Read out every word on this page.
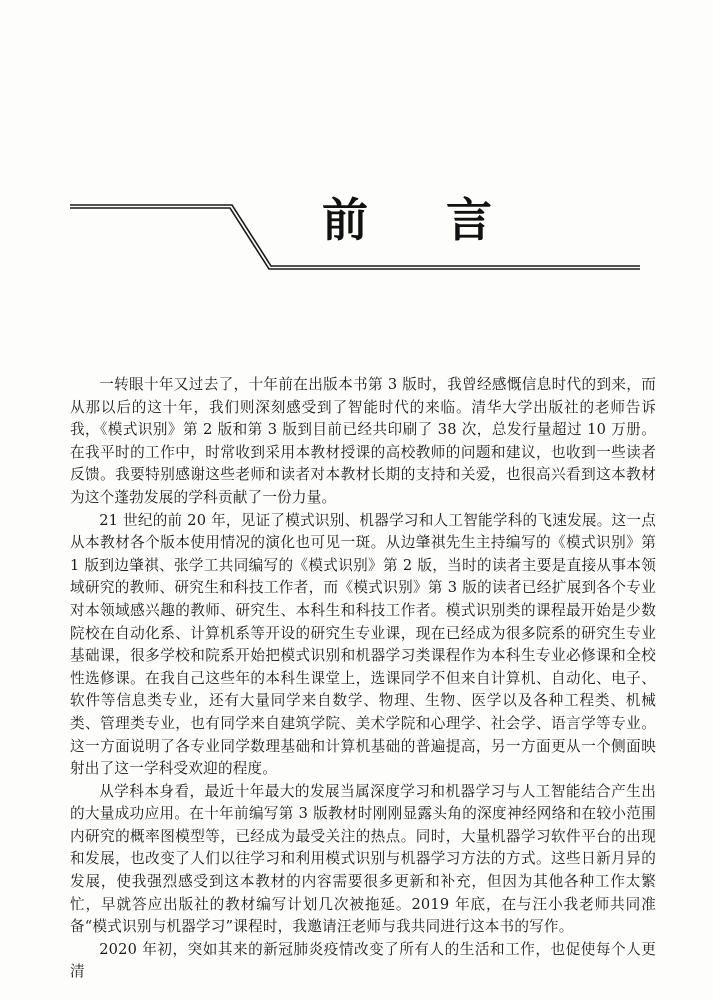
前 言

一转眼十年又过去了，十年前在出版本书第 3 版时，我曾经感慨信息时代的到来，而从那以后的这十年，我们则深刻感受到了智能时代的来临。清华大学出版社的老师告诉我，《模式识别》第 2 版和第 3 版到目前已经共印刷了 38 次，总发行量超过 10 万册。在我平时的工作中，时常收到采用本教材授课的高校教师的问题和建议，也收到一些读者反馈。我要特别感谢这些老师和读者对本教材长期的支持和关爱，也很高兴看到这本教材为这个蓬勃发展的学科贡献了一份力量。

21 世纪的前 20 年，见证了模式识别、机器学习和人工智能学科的飞速发展。这一点从本教材各个版本使用情况的演化也可见一斑。从边肇祺先生主持编写的《模式识别》第 1 版到边肇祺、张学工共同编写的《模式识别》第 2 版，当时的读者主要是直接从事本领域研究的教师、研究生和科技工作者，而《模式识别》第 3 版的读者已经扩展到各个专业对本领域感兴趣的教师、研究生、本科生和科技工作者。模式识别类的课程最开始是少数院校在自动化系、计算机系等开设的研究生专业课，现在已经成为很多院系的研究生专业基础课，很多学校和院系开始把模式识别和机器学习类课程作为本科生专业必修课和全校性选修课。在我自己这些年的本科生课堂上，选课同学不但来自计算机、自动化、电子、软件等信息类专业，还有大量同学来自数学、物理、生物、医学以及各种工程类、机械类、管理类专业，也有同学来自建筑学院、美术学院和心理学、社会学、语言学等专业。这一方面说明了各专业同学数理基础和计算机基础的普遍提高，另一方面更从一个侧面映射出了这一学科受欢迎的程度。

从学科本身看，最近十年最大的发展当属深度学习和机器学习与人工智能结合产生出的大量成功应用。在十年前编写第 3 版教材时刚刚显露头角的深度神经网络和在较小范围内研究的概率图模型等，已经成为最受关注的热点。同时，大量机器学习软件平台的出现和发展，也改变了人们以往学习和利用模式识别与机器学习方法的方式。这些日新月异的发展，使我强烈感受到这本教材的内容需要很多更新和补充，但因为其他各种工作太繁忙，早就答应出版社的教材编写计划几次被拖延。2019 年底，在与汪小我老师共同准备“模式识别与机器学习”课程时，我邀请汪老师与我共同进行这本书的写作。

2020 年初，突如其来的新冠肺炎疫情改变了所有人的生活和工作，也促使每个人更清
